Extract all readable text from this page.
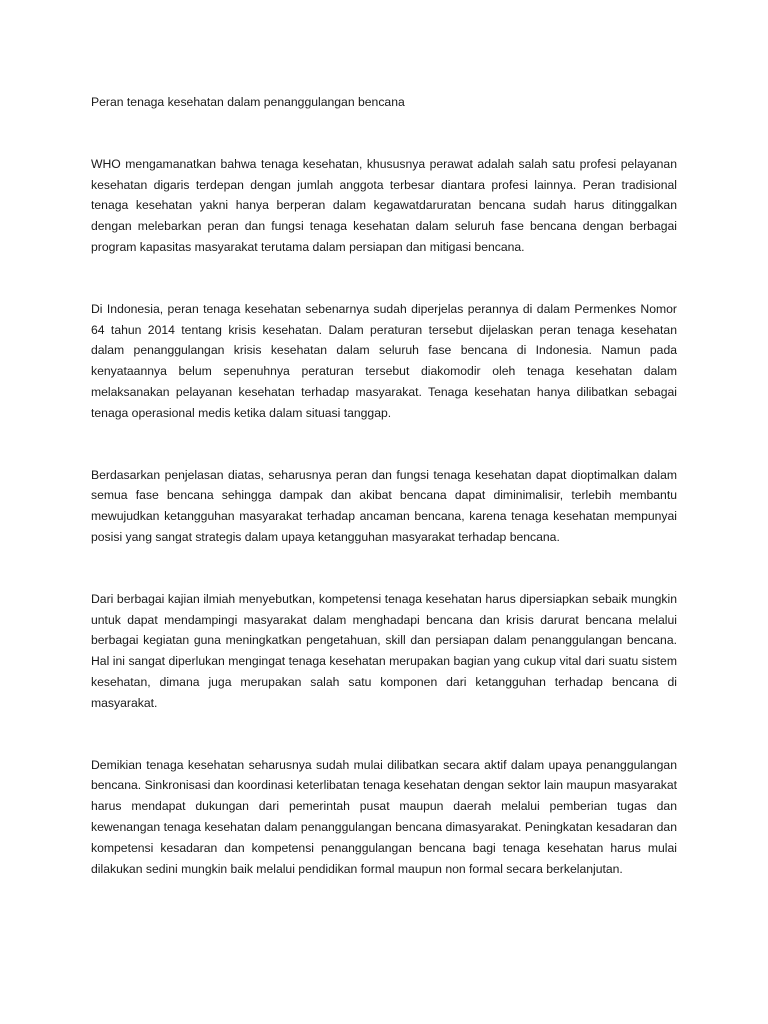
Peran tenaga kesehatan dalam penanggulangan bencana

WHO mengamanatkan bahwa tenaga kesehatan, khususnya perawat adalah salah satu profesi pelayanan kesehatan digaris terdepan dengan jumlah anggota terbesar diantara profesi lainnya. Peran tradisional tenaga kesehatan yakni hanya berperan dalam kegawatdaruratan bencana sudah harus ditinggalkan dengan melebarkan peran dan fungsi tenaga kesehatan dalam seluruh fase bencana dengan berbagai program kapasitas masyarakat terutama dalam persiapan dan mitigasi bencana.

Di Indonesia, peran tenaga kesehatan sebenarnya sudah diperjelas perannya di dalam Permenkes Nomor 64 tahun 2014 tentang krisis kesehatan. Dalam peraturan tersebut dijelaskan peran tenaga kesehatan dalam penanggulangan krisis kesehatan dalam seluruh fase bencana di Indonesia. Namun pada kenyataannya belum sepenuhnya peraturan tersebut diakomodir oleh tenaga kesehatan dalam melaksanakan pelayanan kesehatan terhadap masyarakat. Tenaga kesehatan hanya dilibatkan sebagai tenaga operasional medis ketika dalam situasi tanggap.

Berdasarkan penjelasan diatas, seharusnya peran dan fungsi tenaga kesehatan dapat dioptimalkan dalam semua fase bencana sehingga dampak dan akibat bencana dapat diminimalisir, terlebih membantu mewujudkan ketangguhan masyarakat terhadap ancaman bencana, karena tenaga kesehatan mempunyai posisi yang sangat strategis dalam upaya ketangguhan masyarakat terhadap bencana.

Dari berbagai kajian ilmiah menyebutkan, kompetensi tenaga kesehatan harus dipersiapkan sebaik mungkin untuk dapat mendampingi masyarakat dalam menghadapi bencana dan krisis darurat bencana melalui berbagai kegiatan guna meningkatkan pengetahuan, skill dan persiapan dalam penanggulangan bencana. Hal ini sangat diperlukan mengingat tenaga kesehatan merupakan bagian yang cukup vital dari suatu sistem kesehatan, dimana juga merupakan salah satu komponen dari ketangguhan terhadap bencana di masyarakat.

Demikian tenaga kesehatan seharusnya sudah mulai dilibatkan secara aktif dalam upaya penanggulangan bencana. Sinkronisasi dan koordinasi keterlibatan tenaga kesehatan dengan sektor lain maupun masyarakat harus mendapat dukungan dari pemerintah pusat maupun daerah melalui pemberian tugas dan kewenangan tenaga kesehatan dalam penanggulangan bencana dimasyarakat. Peningkatan kesadaran dan kompetensi kesadaran dan kompetensi penanggulangan bencana bagi tenaga kesehatan harus mulai dilakukan sedini mungkin baik melalui pendidikan formal maupun non formal secara berkelanjutan.
